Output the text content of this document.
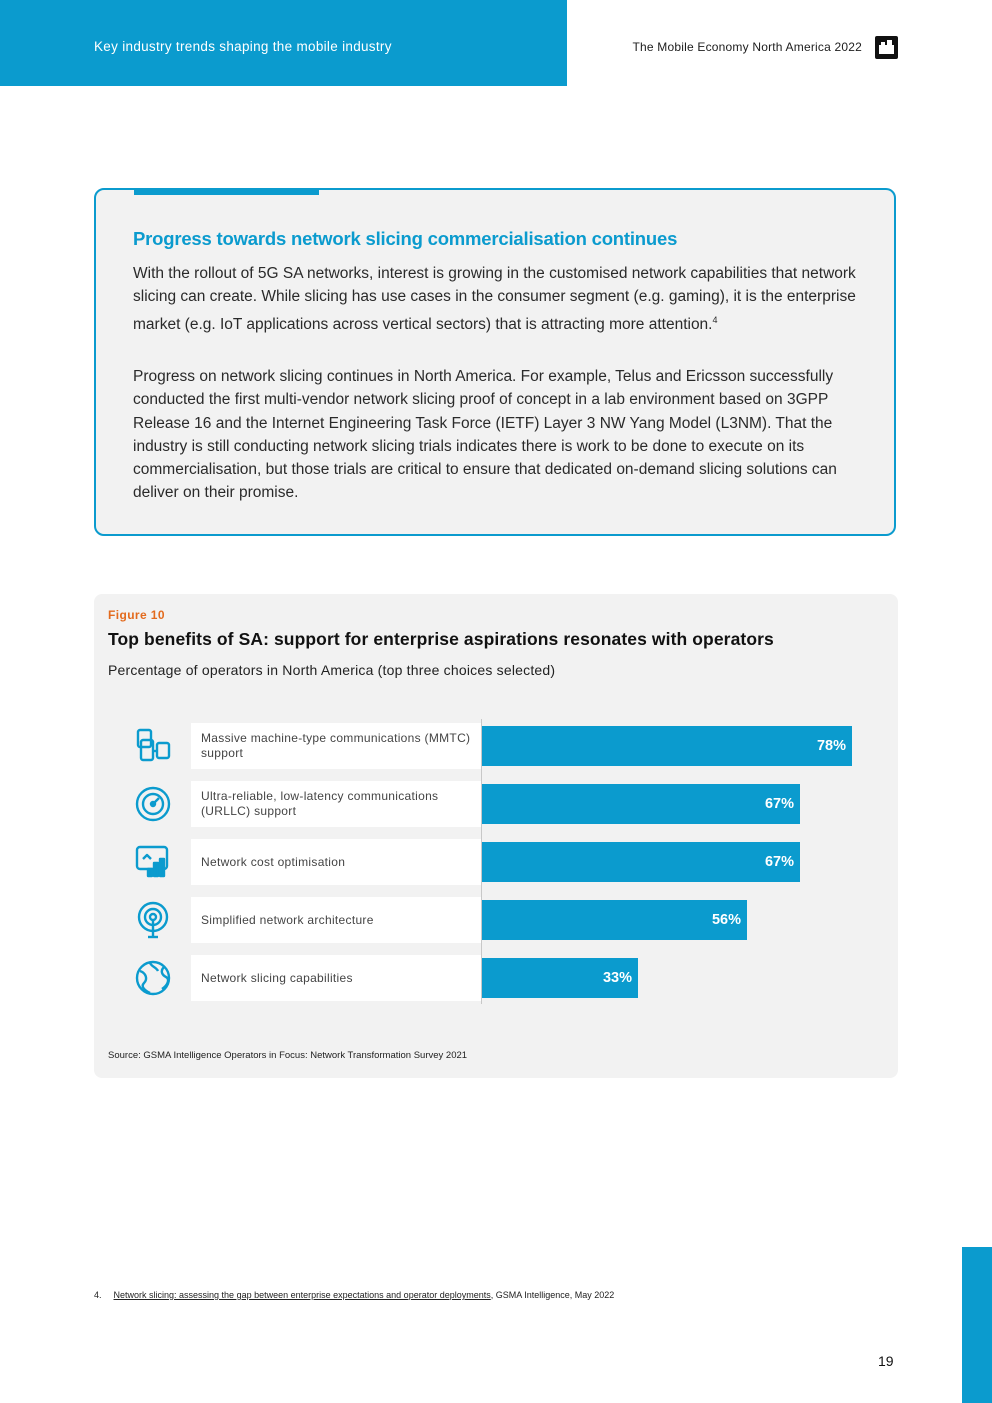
Key industry trends shaping the mobile industry	The Mobile Economy North America 2022
Progress towards network slicing commercialisation continues
With the rollout of 5G SA networks, interest is growing in the customised network capabilities that network slicing can create. While slicing has use cases in the consumer segment (e.g. gaming), it is the enterprise market (e.g. IoT applications across vertical sectors) that is attracting more attention.$^4$
Progress on network slicing continues in North America. For example, Telus and Ericsson successfully conducted the first multi-vendor network slicing proof of concept in a lab environment based on 3GPP Release 16 and the Internet Engineering Task Force (IETF) Layer 3 NW Yang Model (L3NM). That the industry is still conducting network slicing trials indicates there is work to be done to execute on its commercialisation, but those trials are critical to ensure that dedicated on-demand slicing solutions can deliver on their promise.
Figure 10
Top benefits of SA: support for enterprise aspirations resonates with operators
Percentage of operators in North America (top three choices selected)
Massive machine-type communications (MMTC) support	78%
Ultra-reliable, low-latency communications (URLLC) support	67%
Network cost optimisation	67%
Simplified network architecture	56%
Network slicing capabilities	33%
Source: GSMA Intelligence Operators in Focus: Network Transformation Survey 2021
4. Network slicing: assessing the gap between enterprise expectations and operator deployments, GSMA Intelligence, May 2022
19
